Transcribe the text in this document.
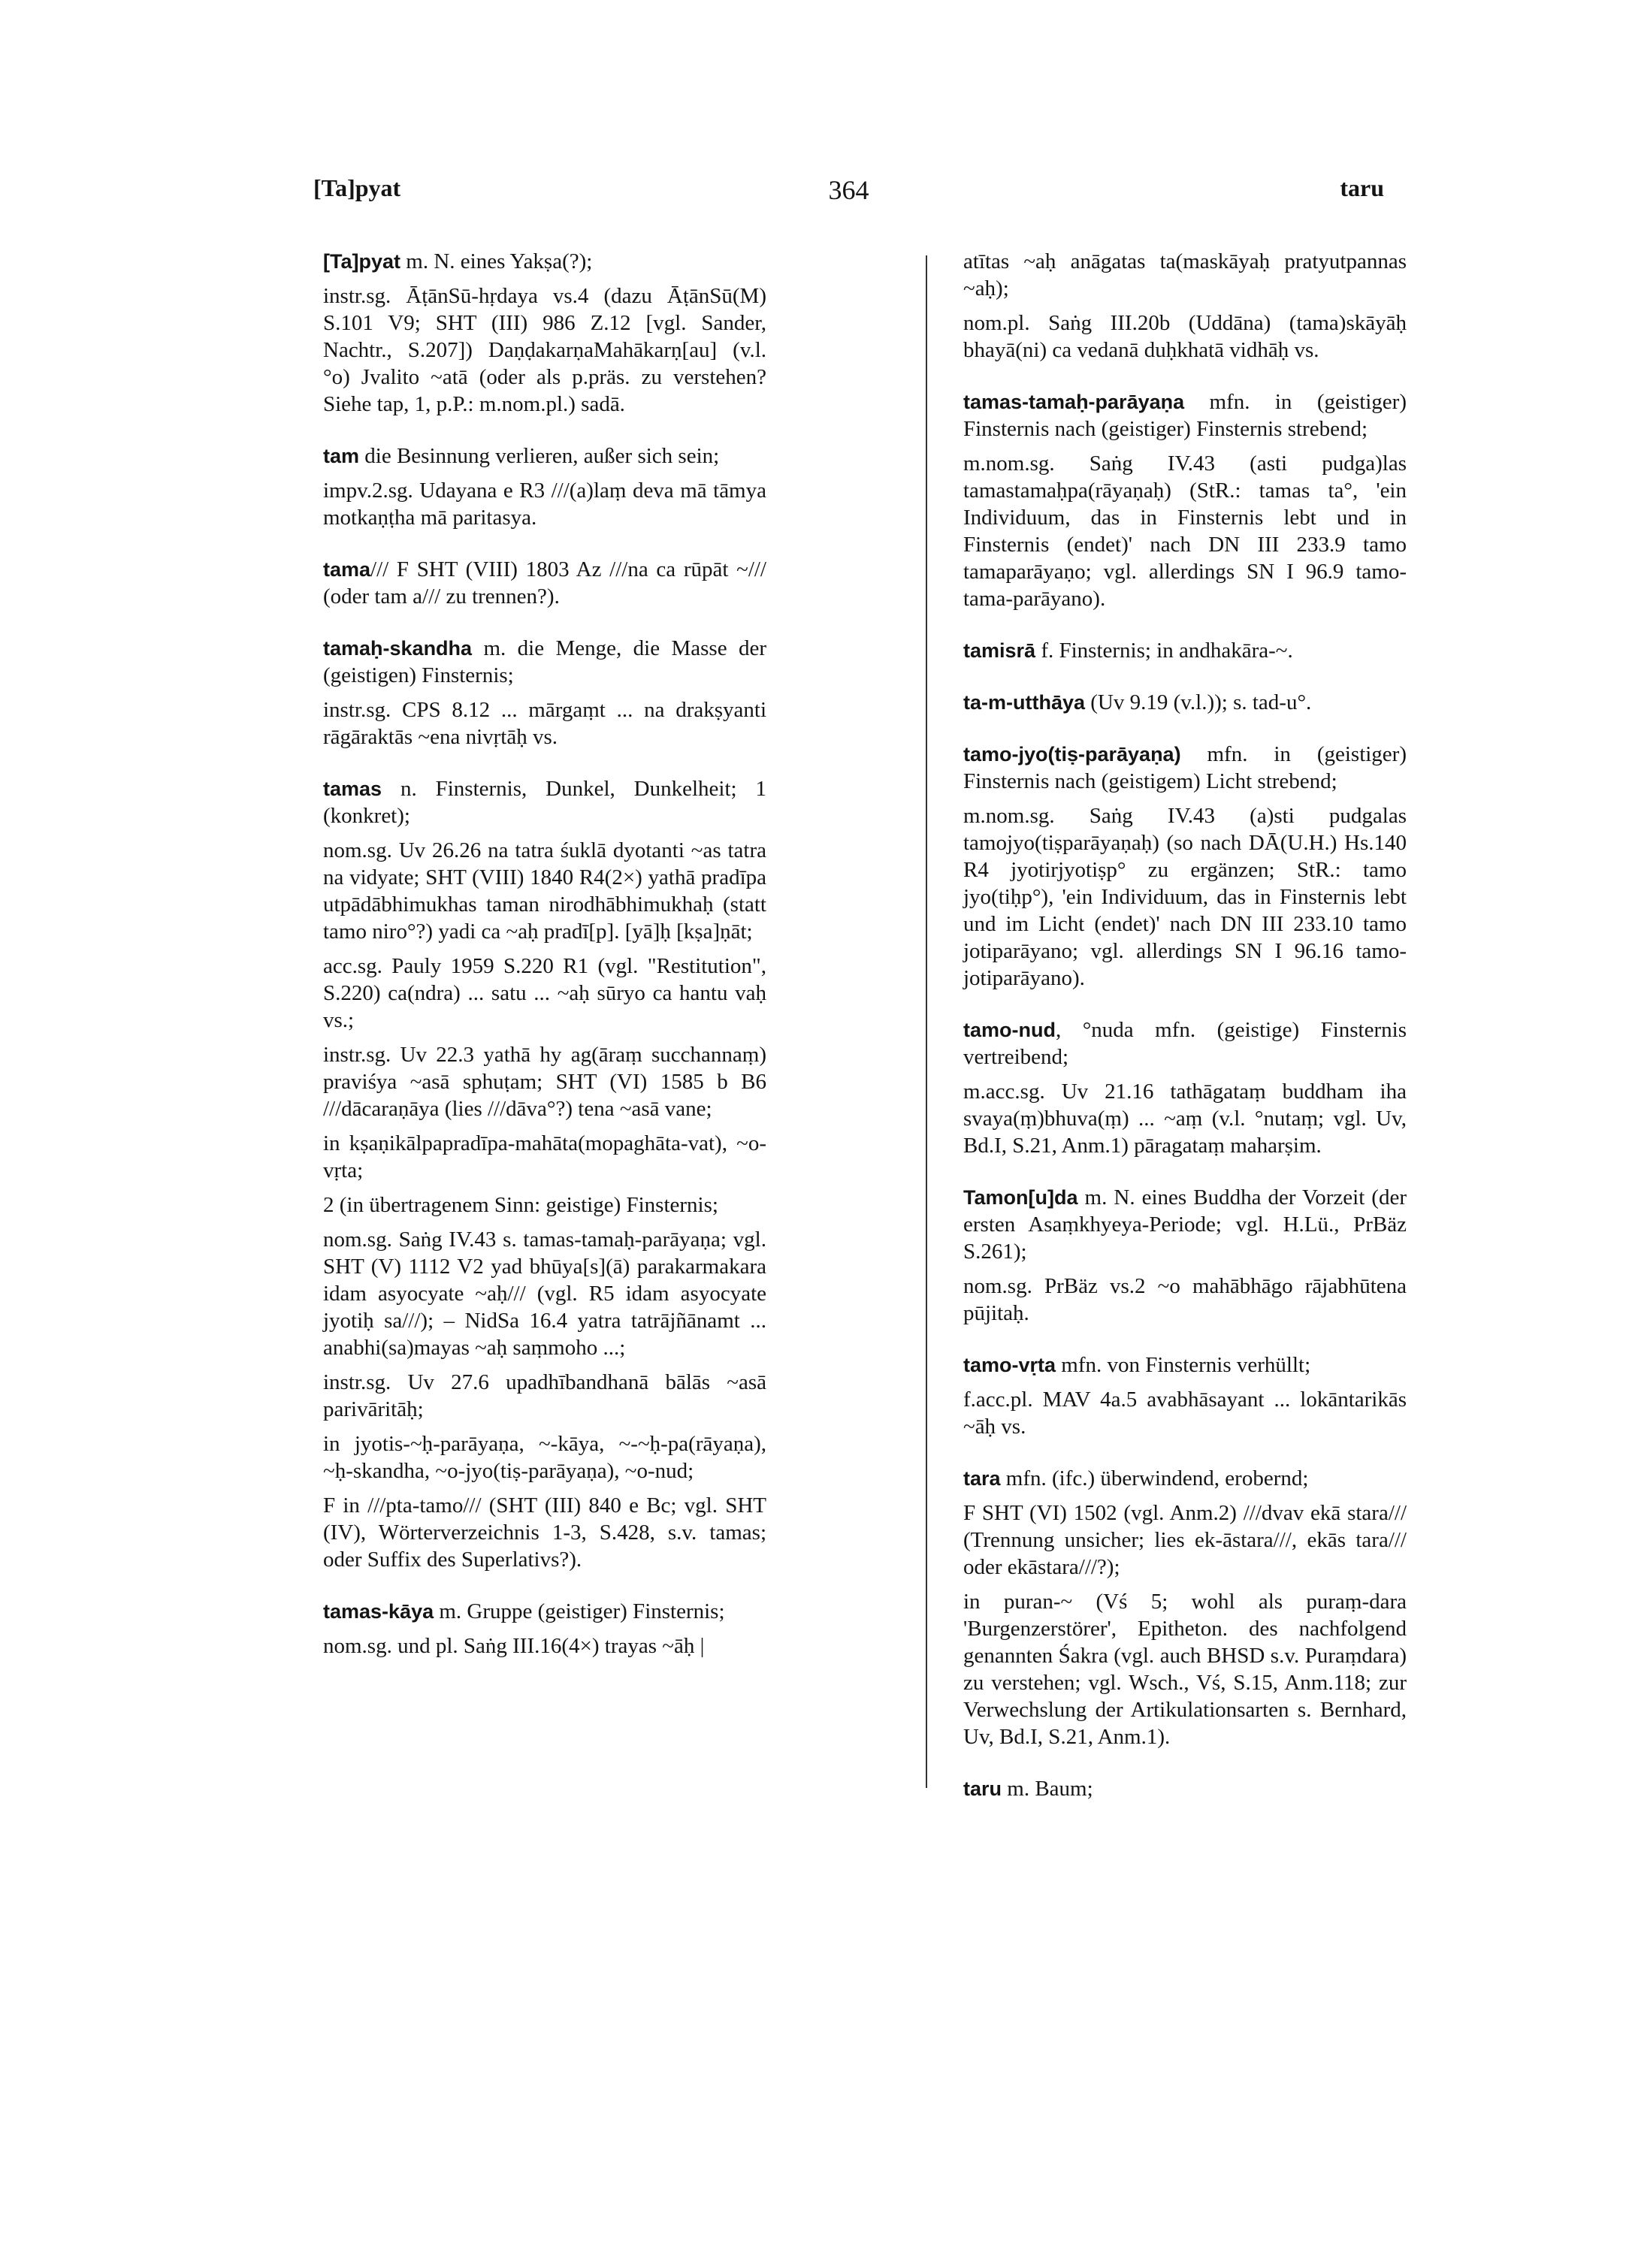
[Ta]pyat	364	taru

[Ta]pyat m. N. eines Yakṣa(?);

instr.sg. ĀṭānSū-hṛdaya vs.4 (dazu ĀṭānSū(M) S.101 V9; SHT (III) 986 Z.12 [vgl. Sander, Nachtr., S.207]) DaṇḍakarṇaMahākarṇ[au] (v.l. °o) Jvalito ~atā (oder als p.präs. zu verstehen? Siehe tap, 1, p.P.: m.nom.pl.) sadā.

tam die Besinnung verlieren, außer sich sein;

impv.2.sg. Udayana e R3 ///(a)laṃ deva mā tāmya motkaṇṭha mā paritasya.

tama/// F SHT (VIII) 1803 Az ///na ca rūpāt ~/// (oder tam a/// zu trennen?).

tamaḥ-skandha m. die Menge, die Masse der (geistigen) Finsternis;

instr.sg. CPS 8.12 ... mārgaṃt ... na drakṣyanti rāgāraktās ~ena nivṛtāḥ vs.

tamas n. Finsternis, Dunkel, Dunkelheit; 1 (konkret);

nom.sg. Uv 26.26 na tatra śuklā dyotanti ~as tatra na vidyate; SHT (VIII) 1840 R4(2×) yathā pradīpa utpādābhimukhas taman nirodhābhimukhaḥ (statt tamo niro°?) yadi ca ~aḥ pradī[p]. [yā]ḥ [kṣa]ṇāt;

acc.sg. Pauly 1959 S.220 R1 (vgl. "Restitution", S.220) ca(ndra) ... satu ... ~aḥ sūryo ca hantu vaḥ vs.;

instr.sg. Uv 22.3 yathā hy ag(āraṃ succhannaṃ) praviśya ~asā sphuṭam; SHT (VI) 1585 b B6 ///dācaraṇāya (lies ///dāva°?) tena ~asā vane;

in kṣaṇikālpapradīpa-mahāta(mopaghāta-vat), ~o-vṛta;

2 (in übertragenem Sinn: geistige) Finsternis;

nom.sg. Saṅg IV.43 s. tamas-tamaḥ-parāyaṇa; vgl. SHT (V) 1112 V2 yad bhūya[s](ā) parakarmakara idam asyocyate ~aḥ/// (vgl. R5 idam asyocyate jyotiḥ sa///); – NidSa 16.4 yatra tatrājñānamt ... anabhi(sa)mayas ~aḥ saṃmoho ...;

instr.sg. Uv 27.6 upadhībandhanā bālās ~asā parivāritāḥ;

in jyotis-~ḥ-parāyaṇa, ~-kāya, ~-~ḥ-pa(rāyaṇa), ~ḥ-skandha, ~o-jyo(tiṣ-parāyaṇa), ~o-nud;

F in ///pta-tamo/// (SHT (III) 840 e Bc; vgl. SHT (IV), Wörterverzeichnis 1-3, S.428, s.v. tamas; oder Suffix des Superlativs?).

tamas-kāya m. Gruppe (geistiger) Finsternis;

nom.sg. und pl. Saṅg III.16(4×) trayas ~āḥ |

atītas ~aḥ anāgatas ta(maskāyaḥ pratyutpannas ~aḥ);

nom.pl. Saṅg III.20b (Uddāna) (tama)skāyāḥ bhayā(ni) ca vedanā duḥkhatā vidhāḥ vs.

tamas-tamaḥ-parāyaṇa mfn. in (geistiger) Finsternis nach (geistiger) Finsternis strebend;

m.nom.sg. Saṅg IV.43 (asti pudga)las tamastamaḥpa(rāyaṇaḥ) (StR.: tamas ta°, 'ein Individuum, das in Finsternis lebt und in Finsternis (endet)' nach DN III 233.9 tamo tamaparāyaṇo; vgl. allerdings SN I 96.9 tamo-tama-parāyano).

tamisrā f. Finsternis; in andhakāra-~.

ta-m-utthāya (Uv 9.19 (v.l.)); s. tad-u°.

tamo-jyo(tiṣ-parāyaṇa) mfn. in (geistiger) Finsternis nach (geistigem) Licht strebend;

m.nom.sg. Saṅg IV.43 (a)sti pudgalas tamojyo(tiṣparāyaṇaḥ) (so nach DĀ(U.H.) Hs.140 R4 jyotirjyotiṣp° zu ergänzen; StR.: tamo jyo(tiḥp°), 'ein Individuum, das in Finsternis lebt und im Licht (endet)' nach DN III 233.10 tamo jotiparāyano; vgl. allerdings SN I 96.16 tamo-jotiparāyano).

tamo-nud, °nuda mfn. (geistige) Finsternis vertreibend;

m.acc.sg. Uv 21.16 tathāgataṃ buddham iha svaya(ṃ)bhuva(ṃ) ... ~aṃ (v.l. °nutaṃ; vgl. Uv, Bd.I, S.21, Anm.1) pāragataṃ maharṣim.

Tamon[u]da m. N. eines Buddha der Vorzeit (der ersten Asaṃkhyeya-Periode; vgl. H.Lü., PrBäz S.261);

nom.sg. PrBäz vs.2 ~o mahābhāgo rājabhūtena pūjitaḥ.

tamo-vṛta mfn. von Finsternis verhüllt;

f.acc.pl. MAV 4a.5 avabhāsayant ... lokāntarikās ~āḥ vs.

tara mfn. (ifc.) überwindend, erobernd;

F SHT (VI) 1502 (vgl. Anm.2) ///dvav ekā stara/// (Trennung unsicher; lies ek-āstara///, ekās tara/// oder ekāstara///?);

in puran-~ (Vś 5; wohl als puraṃ-dara 'Burgenzerstörer', Epitheton. des nachfolgend genannten Śakra (vgl. auch BHSD s.v. Puraṃdara) zu verstehen; vgl. Wsch., Vś, S.15, Anm.118; zur Verwechslung der Artikulationsarten s. Bernhard, Uv, Bd.I, S.21, Anm.1).

taru m. Baum;
